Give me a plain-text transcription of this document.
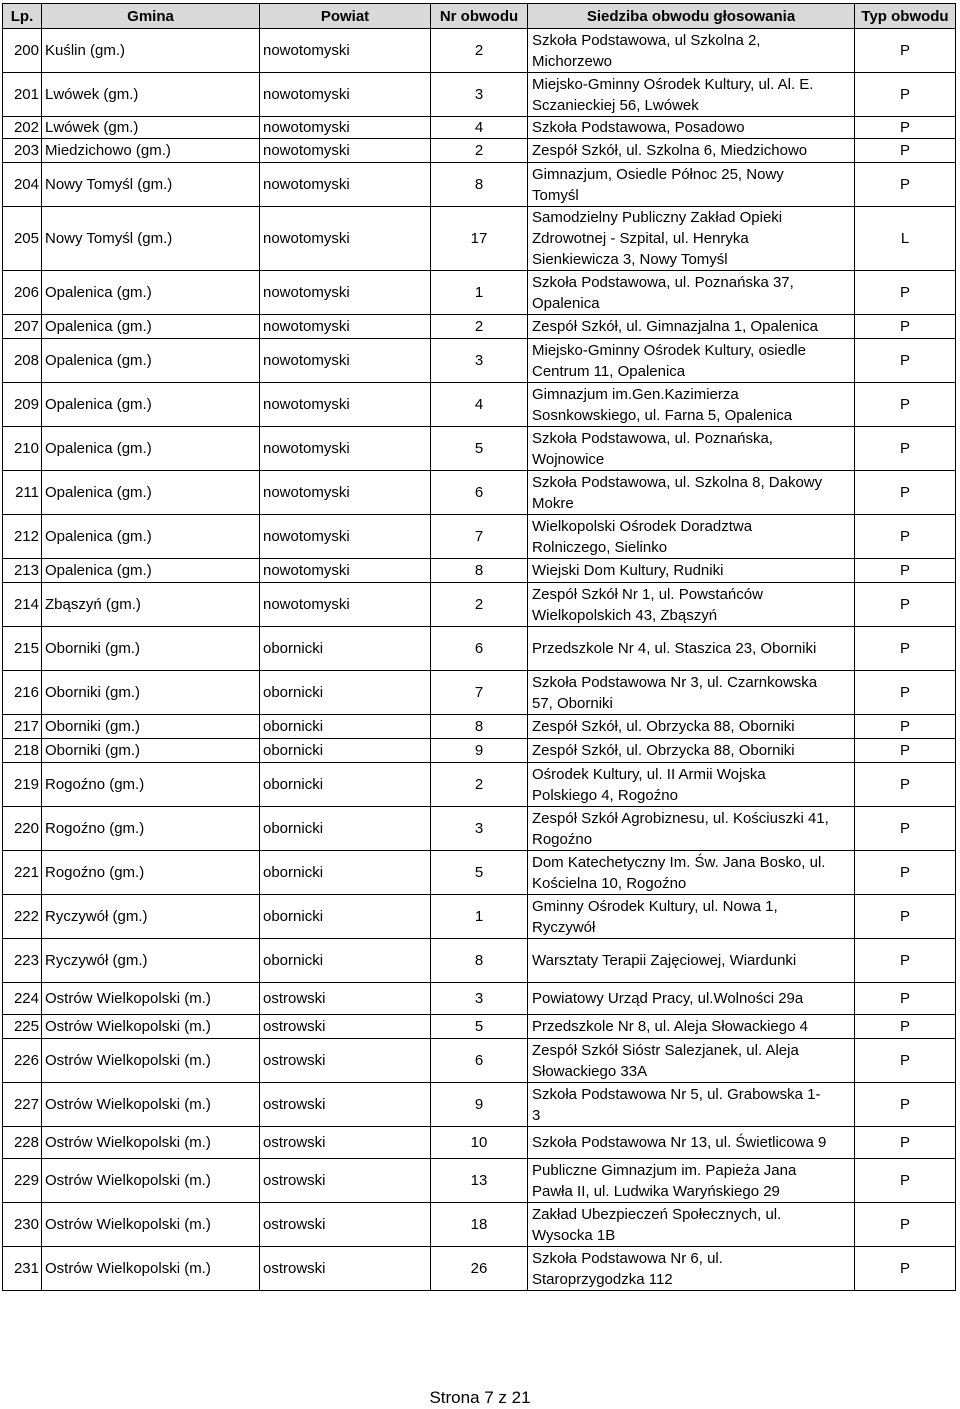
Lp.	Gmina	Powiat	Nr obwodu	Siedziba obwodu głosowania	Typ obwodu
200	Kuślin (gm.)	nowotomyski	2	Szkoła Podstawowa, ul Szkolna 2,
Michorzewo	P
201	Lwówek (gm.)	nowotomyski	3	Miejsko-Gminny Ośrodek Kultury, ul. Al. E.
Sczanieckiej 56, Lwówek	P
202	Lwówek (gm.)	nowotomyski	4	Szkoła Podstawowa, Posadowo	P
203	Miedzichowo (gm.)	nowotomyski	2	Zespół Szkół, ul. Szkolna 6, Miedzichowo	P
204	Nowy Tomyśl (gm.)	nowotomyski	8	Gimnazjum, Osiedle Północ 25, Nowy
Tomyśl	P
205	Nowy Tomyśl (gm.)	nowotomyski	17	Samodzielny Publiczny Zakład Opieki
Zdrowotnej - Szpital, ul. Henryka
Sienkiewicza 3, Nowy Tomyśl	L
206	Opalenica (gm.)	nowotomyski	1	Szkoła Podstawowa, ul. Poznańska 37,
Opalenica	P
207	Opalenica (gm.)	nowotomyski	2	Zespół Szkół, ul. Gimnazjalna 1, Opalenica	P
208	Opalenica (gm.)	nowotomyski	3	Miejsko-Gminny Ośrodek Kultury, osiedle
Centrum 11, Opalenica	P
209	Opalenica (gm.)	nowotomyski	4	Gimnazjum im.Gen.Kazimierza
Sosnkowskiego, ul. Farna 5, Opalenica	P
210	Opalenica (gm.)	nowotomyski	5	Szkoła Podstawowa, ul. Poznańska,
Wojnowice	P
211	Opalenica (gm.)	nowotomyski	6	Szkoła Podstawowa, ul. Szkolna 8, Dakowy
Mokre	P
212	Opalenica (gm.)	nowotomyski	7	Wielkopolski Ośrodek Doradztwa
Rolniczego, Sielinko	P
213	Opalenica (gm.)	nowotomyski	8	Wiejski Dom Kultury, Rudniki	P
214	Zbąszyń (gm.)	nowotomyski	2	Zespół Szkół Nr 1, ul. Powstańców
Wielkopolskich 43, Zbąszyń	P
215	Oborniki (gm.)	obornicki	6	Przedszkole Nr 4, ul. Staszica 23, Oborniki	P
216	Oborniki (gm.)	obornicki	7	Szkoła Podstawowa Nr 3, ul. Czarnkowska
57, Oborniki	P
217	Oborniki (gm.)	obornicki	8	Zespół Szkół, ul. Obrzycka 88, Oborniki	P
218	Oborniki (gm.)	obornicki	9	Zespół Szkół, ul. Obrzycka 88, Oborniki	P
219	Rogoźno (gm.)	obornicki	2	Ośrodek Kultury, ul. II Armii Wojska
Polskiego 4, Rogoźno	P
220	Rogoźno (gm.)	obornicki	3	Zespół Szkół Agrobiznesu, ul. Kościuszki 41,
Rogoźno	P
221	Rogoźno (gm.)	obornicki	5	Dom Katechetyczny Im. Św. Jana Bosko, ul.
Kościelna 10, Rogoźno	P
222	Ryczywół (gm.)	obornicki	1	Gminny Ośrodek Kultury, ul. Nowa 1,
Ryczywół	P
223	Ryczywół (gm.)	obornicki	8	Warsztaty Terapii Zajęciowej, Wiardunki	P
224	Ostrów Wielkopolski (m.)	ostrowski	3	Powiatowy Urząd Pracy, ul.Wolności 29a	P
225	Ostrów Wielkopolski (m.)	ostrowski	5	Przedszkole Nr 8, ul. Aleja Słowackiego 4	P
226	Ostrów Wielkopolski (m.)	ostrowski	6	Zespół Szkół Sióstr Salezjanek, ul. Aleja
Słowackiego 33A	P
227	Ostrów Wielkopolski (m.)	ostrowski	9	Szkoła Podstawowa Nr 5, ul. Grabowska 1-
3	P
228	Ostrów Wielkopolski (m.)	ostrowski	10	Szkoła Podstawowa Nr 13, ul. Świetlicowa 9	P
229	Ostrów Wielkopolski (m.)	ostrowski	13	Publiczne Gimnazjum im. Papieża Jana
Pawła II, ul. Ludwika Waryńskiego 29	P
230	Ostrów Wielkopolski (m.)	ostrowski	18	Zakład Ubezpieczeń Społecznych, ul.
Wysocka 1B	P
231	Ostrów Wielkopolski (m.)	ostrowski	26	Szkoła Podstawowa Nr 6, ul.
Staroprzygodzka 112	P
Strona 7 z 21
